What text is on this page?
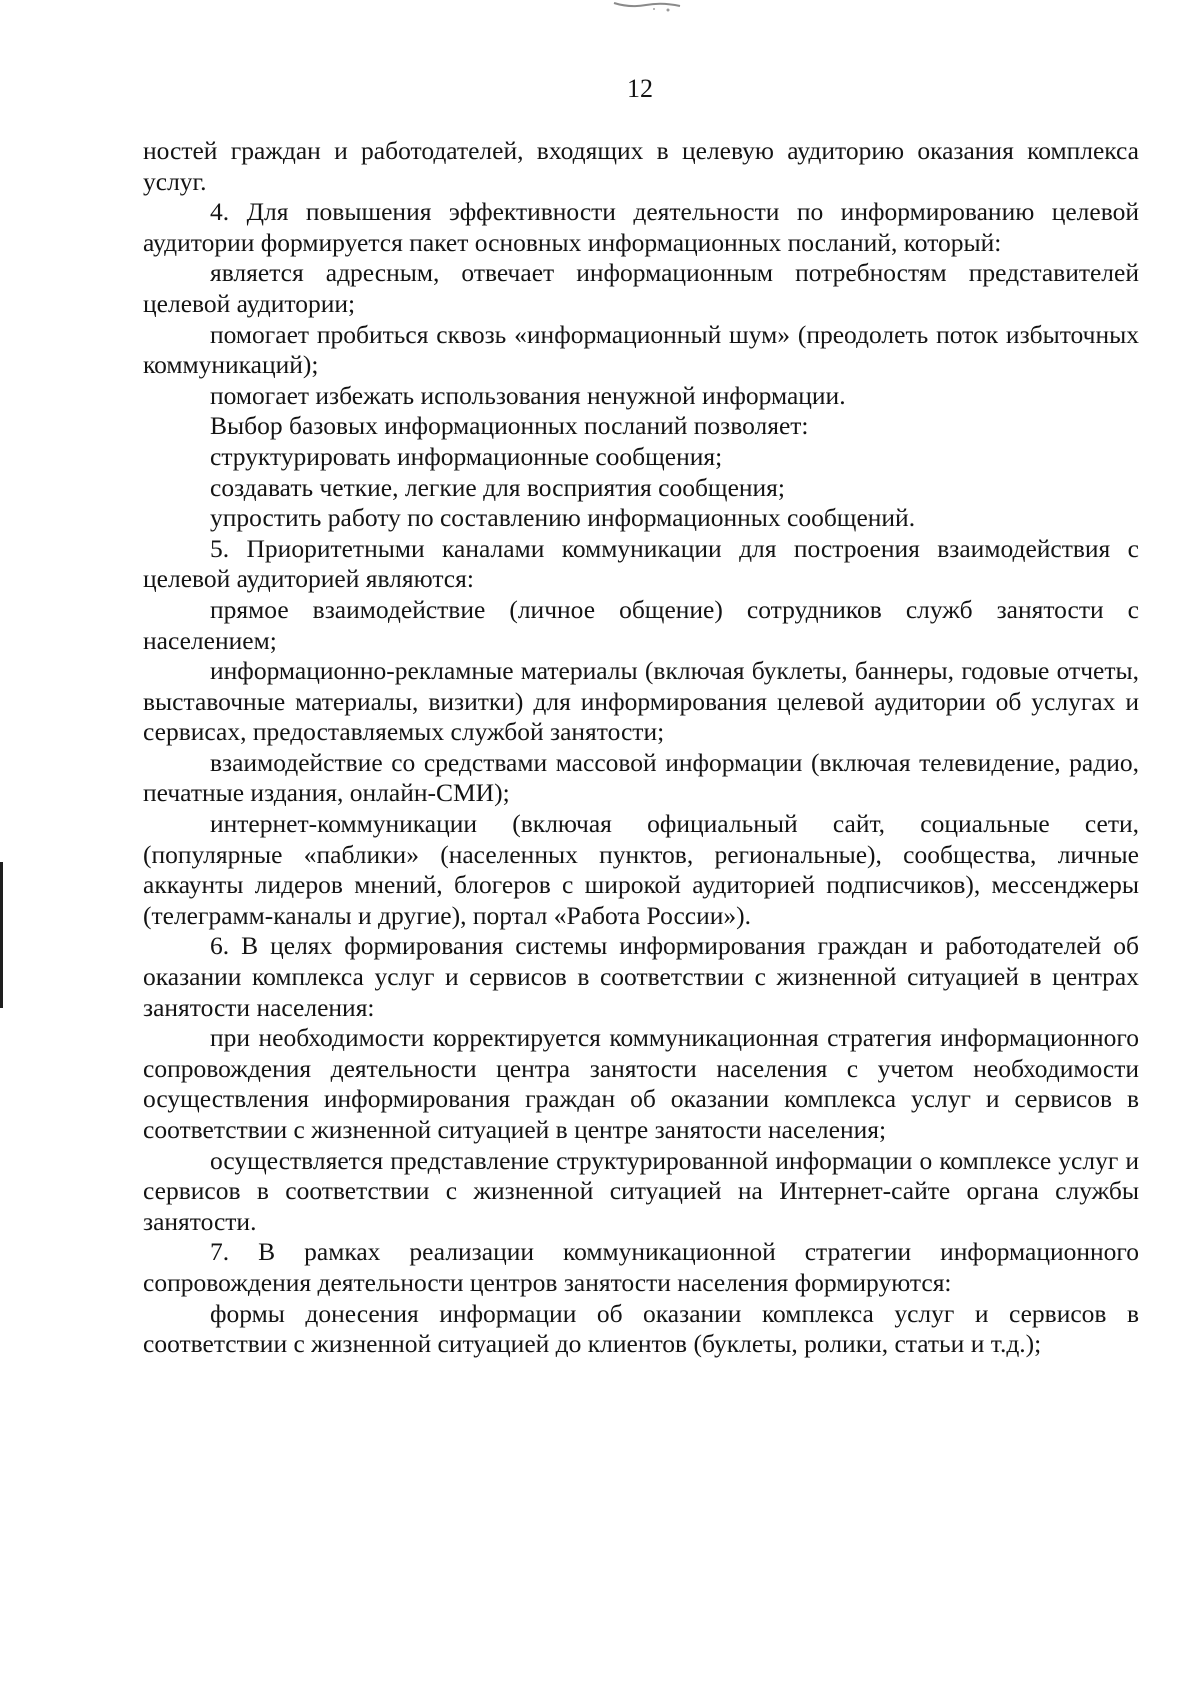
12

ностей граждан и работодателей, входящих в целевую аудиторию оказания комплекса услуг.

4. Для повышения эффективности деятельности по информированию целевой аудитории формируется пакет основных информационных посланий, который:

является адресным, отвечает информационным потребностям представителей целевой аудитории;

помогает пробиться сквозь «информационный шум» (преодолеть поток избыточных коммуникаций);

помогает избежать использования ненужной информации.

Выбор базовых информационных посланий позволяет:

структурировать информационные сообщения;

создавать четкие, легкие для восприятия сообщения;

упростить работу по составлению информационных сообщений.

5. Приоритетными каналами коммуникации для построения взаимодействия с целевой аудиторией являются:

прямое взаимодействие (личное общение) сотрудников служб занятости с населением;

информационно-рекламные материалы (включая буклеты, баннеры, годовые отчеты, выставочные материалы, визитки) для информирования целевой аудитории об услугах и сервисах, предоставляемых службой занятости;

взаимодействие со средствами массовой информации (включая телевидение, радио, печатные издания, онлайн-СМИ);

интернет-коммуникации (включая официальный сайт, социальные сети, (популярные «паблики» (населенных пунктов, региональные), сообщества, личные аккаунты лидеров мнений, блогеров с широкой аудиторией подписчиков), мессенджеры (телеграмм-каналы и другие), портал «Работа России»).

6. В целях формирования системы информирования граждан и работодателей об оказании комплекса услуг и сервисов в соответствии с жизненной ситуацией в центрах занятости населения:

при необходимости корректируется коммуникационная стратегия информационного сопровождения деятельности центра занятости населения с учетом необходимости осуществления информирования граждан об оказании комплекса услуг и сервисов в соответствии с жизненной ситуацией в центре занятости населения;

осуществляется представление структурированной информации о комплексе услуг и сервисов в соответствии с жизненной ситуацией на Интернет-сайте органа службы занятости.

7. В рамках реализации коммуникационной стратегии информационного сопровождения деятельности центров занятости населения формируются:

формы донесения информации об оказании комплекса услуг и сервисов в соответствии с жизненной ситуацией до клиентов (буклеты, ролики, статьи и т.д.);
